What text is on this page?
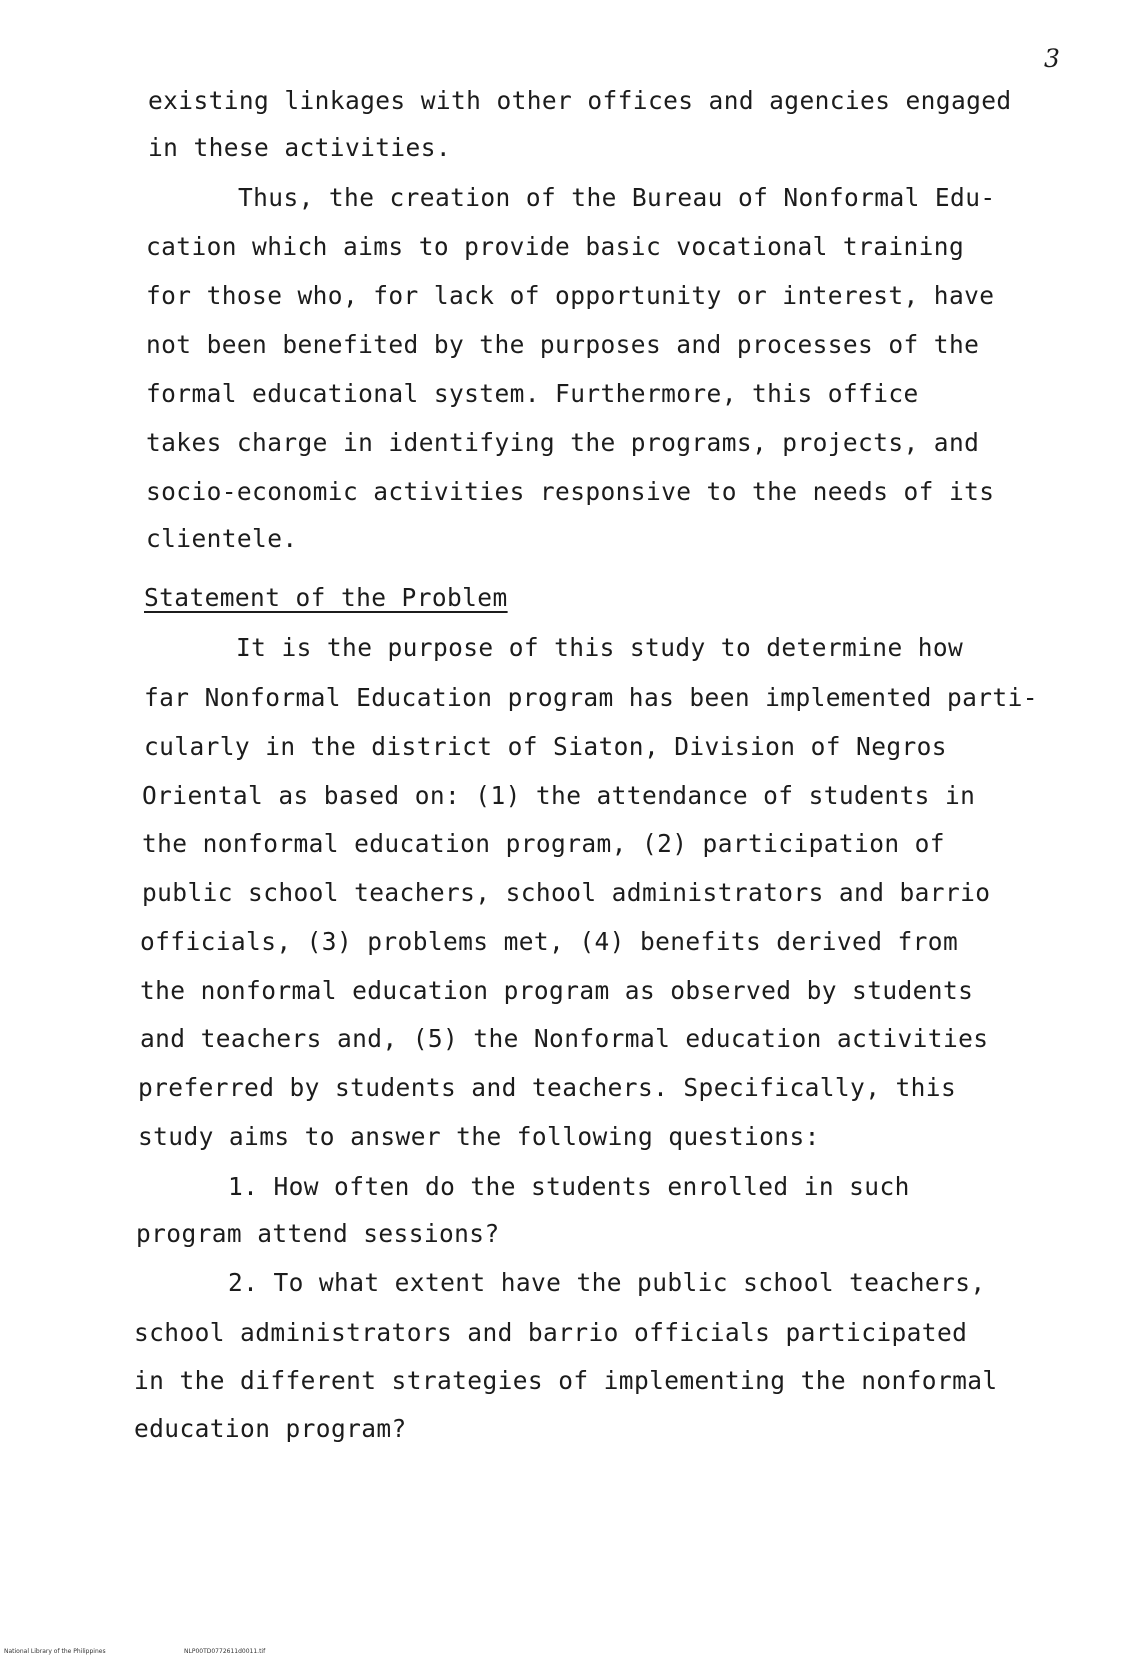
3
existing linkages with other offices and agencies engaged
in these activities.
Thus, the creation of the Bureau of Nonformal Edu-
cation which aims to provide basic vocational training
for those who, for lack of opportunity or interest, have
not been benefited by the purposes and processes of the
formal educational system. Furthermore, this office
takes charge in identifying the programs, projects, and
socio-economic activities responsive to the needs of its
clientele.
Statement of the Problem
It is the purpose of this study to determine how
far Nonformal Education program has been implemented parti-
cularly in the district of Siaton, Division of Negros
Oriental as based on: (1) the attendance of students in
the nonformal education program, (2) participation of
public school teachers, school administrators and barrio
officials, (3) problems met, (4) benefits derived from
the nonformal education program as observed by students
and teachers and, (5) the Nonformal education activities
preferred by students and teachers. Specifically, this
study aims to answer the following questions:
1. How often do the students enrolled in such
program attend sessions?
2. To what extent have the public school teachers,
school administrators and barrio officials participated
in the different strategies of implementing the nonformal
education program?
National Library of the Philippines	NLP00TD0772611d0011.tif
